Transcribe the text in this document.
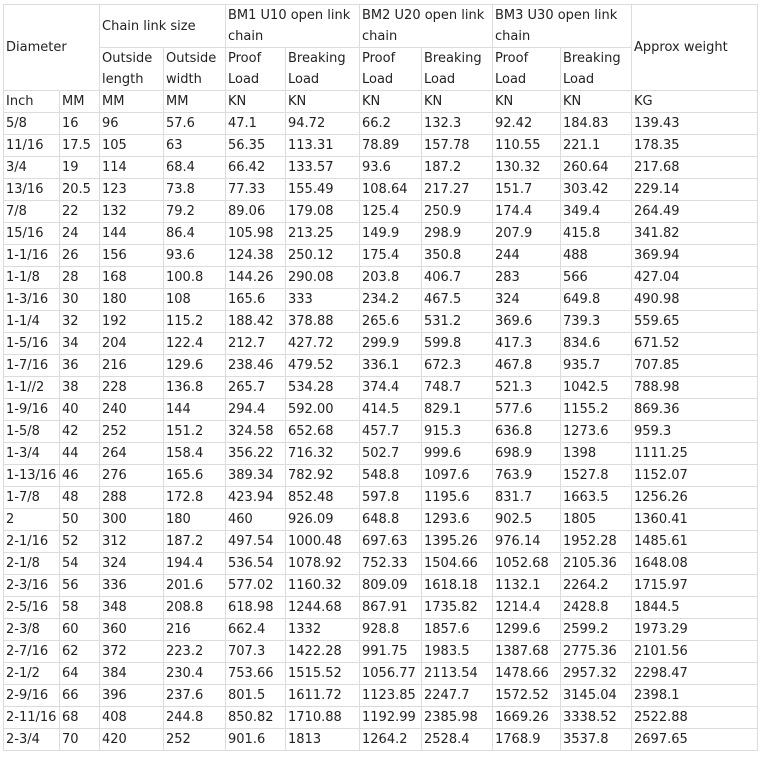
Diameter		Chain link size		BM1 U10 open link chain		BM2 U20 open link chain		BM3 U30 open link chain		Approx weight
		Outside length	Outside width	Proof Load	Breaking Load	Proof Load	Breaking Load	Proof Load	Breaking Load	
Inch	MM	MM	MM	KN	KN	KN	KN	KN	KN	KG
5/8	16	96	57.6	47.1	94.72	66.2	132.3	92.42	184.83	139.43
11/16	17.5	105	63	56.35	113.31	78.89	157.78	110.55	221.1	178.35
3/4	19	114	68.4	66.42	133.57	93.6	187.2	130.32	260.64	217.68
13/16	20.5	123	73.8	77.33	155.49	108.64	217.27	151.7	303.42	229.14
7/8	22	132	79.2	89.06	179.08	125.4	250.9	174.4	349.4	264.49
15/16	24	144	86.4	105.98	213.25	149.9	298.9	207.9	415.8	341.82
1-1/16	26	156	93.6	124.38	250.12	175.4	350.8	244	488	369.94
1-1/8	28	168	100.8	144.26	290.08	203.8	406.7	283	566	427.04
1-3/16	30	180	108	165.6	333	234.2	467.5	324	649.8	490.98
1-1/4	32	192	115.2	188.42	378.88	265.6	531.2	369.6	739.3	559.65
1-5/16	34	204	122.4	212.7	427.72	299.9	599.8	417.3	834.6	671.52
1-7/16	36	216	129.6	238.46	479.52	336.1	672.3	467.8	935.7	707.85
1-1//2	38	228	136.8	265.7	534.28	374.4	748.7	521.3	1042.5	788.98
1-9/16	40	240	144	294.4	592.00	414.5	829.1	577.6	1155.2	869.36
1-5/8	42	252	151.2	324.58	652.68	457.7	915.3	636.8	1273.6	959.3
1-3/4	44	264	158.4	356.22	716.32	502.7	999.6	698.9	1398	1111.25
1-13/16	46	276	165.6	389.34	782.92	548.8	1097.6	763.9	1527.8	1152.07
1-7/8	48	288	172.8	423.94	852.48	597.8	1195.6	831.7	1663.5	1256.26
2	50	300	180	460	926.09	648.8	1293.6	902.5	1805	1360.41
2-1/16	52	312	187.2	497.54	1000.48	697.63	1395.26	976.14	1952.28	1485.61
2-1/8	54	324	194.4	536.54	1078.92	752.33	1504.66	1052.68	2105.36	1648.08
2-3/16	56	336	201.6	577.02	1160.32	809.09	1618.18	1132.1	2264.2	1715.97
2-5/16	58	348	208.8	618.98	1244.68	867.91	1735.82	1214.4	2428.8	1844.5
2-3/8	60	360	216	662.4	1332	928.8	1857.6	1299.6	2599.2	1973.29
2-7/16	62	372	223.2	707.3	1422.28	991.75	1983.5	1387.68	2775.36	2101.56
2-1/2	64	384	230.4	753.66	1515.52	1056.77	2113.54	1478.66	2957.32	2298.47
2-9/16	66	396	237.6	801.5	1611.72	1123.85	2247.7	1572.52	3145.04	2398.1
2-11/16	68	408	244.8	850.82	1710.88	1192.99	2385.98	1669.26	3338.52	2522.88
2-3/4	70	420	252	901.6	1813	1264.2	2528.4	1768.9	3537.8	2697.65
